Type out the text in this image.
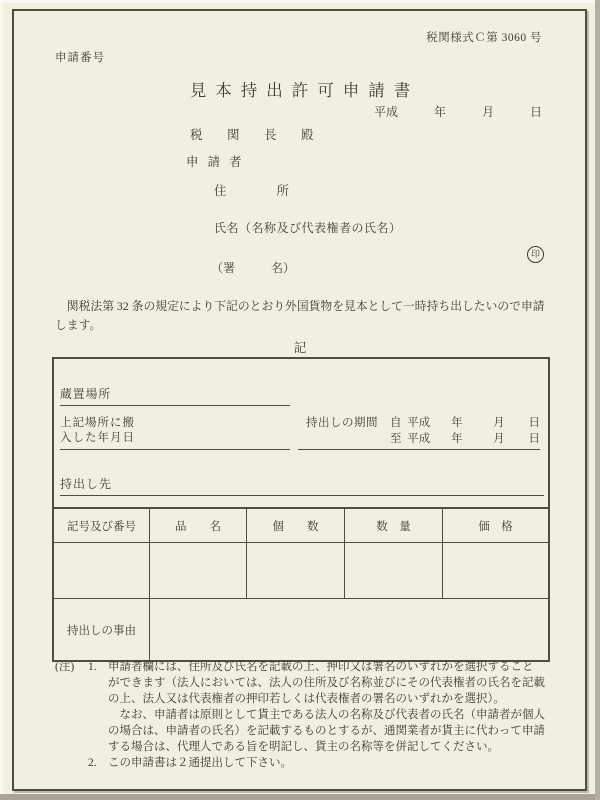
税関様式Ｃ第 3060 号
申請番号
見本持出許可申請書
平成	年	月	日
税　関　長　殿
申請者
住　　　　所
氏名（名称及び代表権者の氏名）
（署　　　名）
印
　関税法第 32 条の規定により下記のとおり外国貨物を見本として一時持ち出したいので申請
します。
記
蔵置場所
上記場所に搬
入した年月日
持出しの期間	自 平成	年	月	日
至 平成	年	月	日
持出し先
記号及び番号	品　　名	個　　数	数　量	価　格
持出しの事由
(注)	1. 申請者欄には、住所及び氏名を記載の上、押印又は署名のいずれかを選択すること
ができます（法人においては、法人の住所及び名称並びにその代表権者の氏名を記載
の上、法人又は代表権者の押印若しくは代表権者の署名のいずれかを選択）。
　なお、申請者は原則として貨主である法人の名称及び代表者の氏名（申請者が個人
の場合は、申請者の氏名）を記載するものとするが、通関業者が貨主に代わって申請
する場合は、代理人である旨を明記し、貨主の名称等を併記してください。
2. この申請書は２通提出して下さい。
